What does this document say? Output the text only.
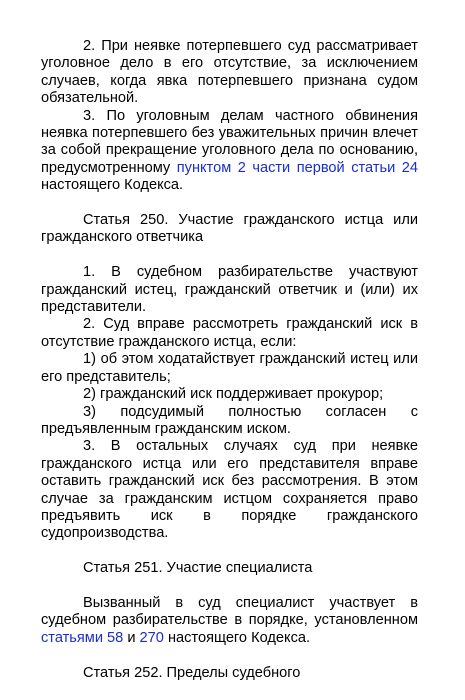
2. При неявке потерпевшего суд рассматривает уголовное дело в его отсутствие, за исключением случаев, когда явка потерпевшего признана судом обязательной.

3. По уголовным делам частного обвинения неявка потерпевшего без уважительных причин влечет за собой прекращение уголовного дела по основанию, предусмотренному пунктом 2 части первой статьи 24 настоящего Кодекса.

Статья 250. Участие гражданского истца или гражданского ответчика

1. В судебном разбирательстве участвуют гражданский истец, гражданский ответчик и (или) их представители.

2. Суд вправе рассмотреть гражданский иск в отсутствие гражданского истца, если:

1) об этом ходатайствует гражданский истец или его представитель;

2) гражданский иск поддерживает прокурор;

3) подсудимый полностью согласен с предъявленным гражданским иском.

3. В остальных случаях суд при неявке гражданского истца или его представителя вправе оставить гражданский иск без рассмотрения. В этом случае за гражданским истцом сохраняется право предъявить иск в порядке гражданского судопроизводства.

Статья 251. Участие специалиста

Вызванный в суд специалист участвует в судебном разбирательстве в порядке, установленном статьями 58 и 270 настоящего Кодекса.

Статья 252. Пределы судебного
